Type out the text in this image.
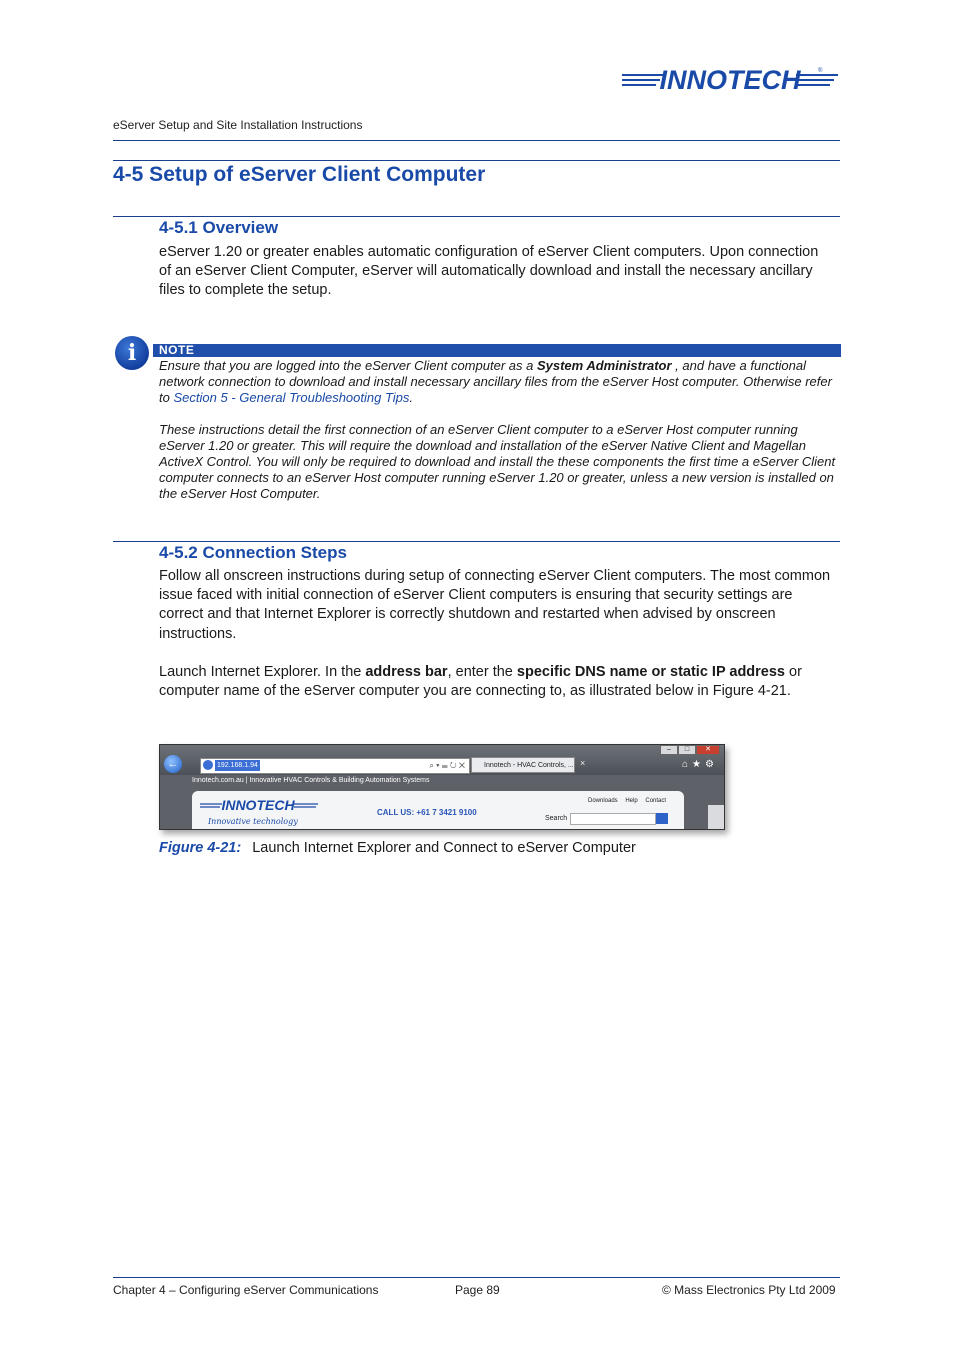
INNOTECH	®
eServer Setup and Site Installation Instructions
4-5 Setup of eServer Client Computer
4-5.1 Overview
eServer 1.20 or greater enables automatic configuration of eServer Client computers. Upon connection of an eServer Client Computer, eServer will automatically download and install the necessary ancillary files to complete the setup.
i	NOTE
Ensure that you are logged into the eServer Client computer as a System Administrator , and have a functional network connection to download and install necessary ancillary files from the eServer Host computer. Otherwise refer to Section 5 - General Troubleshooting Tips.
These instructions detail the first connection of an eServer Client computer to a eServer Host computer running eServer 1.20 or greater. This will require the download and installation of the eServer Native Client and Magellan ActiveX Control. You will only be required to download and install the these components the first time a eServer Client computer connects to an eServer Host computer running eServer 1.20 or greater, unless a new version is installed on the eServer Host Computer.
4-5.2 Connection Steps
Follow all onscreen instructions during setup of connecting eServer Client computers. The most common issue faced with initial connection of eServer Client computers is ensuring that security settings are correct and that Internet Explorer is correctly shutdown and restarted when advised by onscreen instructions.
Launch Internet Explorer. In the address bar, enter the specific DNS name or static IP address or computer name of the eServer computer you are connecting to, as illustrated below in Figure 4-21.
–	□	✕
←	192.168.1.94	⌕ ▾ ☰ ↻ ✕	Innotech - HVAC Controls, ... ×	⌂★⚙
Innotech.com.au | Innovative HVAC Controls & Building Automation Systems
INNOTECH
Innovative technology
CALL US: +61 7 3421 9100
Downloads Help Contact
Search
Figure 4-21: Launch Internet Explorer and Connect to eServer Computer
Chapter 4 – Configuring eServer Communications	Page 89	© Mass Electronics Pty Ltd 2009
